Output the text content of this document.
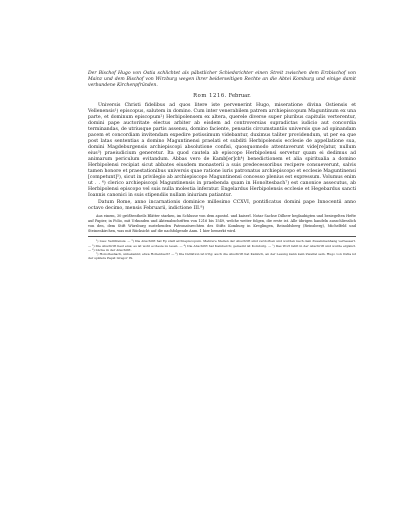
Der Bischof Hugo von Ostia schlichtet als päbstlicher Schiedsrichter einen Streit zwischen dem Erzbischof von Mainz und dem Bischof von Wirzburg wegen ihrer beiderseitigen Rechte an die Abtei Komburg und einige damit verbundene Kirchenpfründen.

Rom 1216. Februar.

Universis Christi fidelibus ad quos litere iste pervenerint Hugo, miseratione divina Ostiensis et Vellenensis¹) episcopus, salutem in domino. Cum inter venerabilem patrem archiepiscopum Maguntinum ex una parte, et dominum episcopum²) Herbipolensem ex altera, querele diverse super pluribus capitulis verterentur, domini pape auctoritate electus arbiter ab eisdem ad controversias supradictas iudicio aut concordia terminandas, de utriusque partis assensu, domino faciente, pensatis circumstantiis universis que ad opinandam pacem et concordiam invitendam expedire potissimum videbantur, duximus taliter providendum, ut per ea que post latas sententias a domino Maguntinensi praelati et subditi Herbipolensis ecclesie de appellatione sua, domini Magdeburgensis archiepiscopi absolutione confisi, quosquomodo attentaverunt vide[re]atur, nullum eius³) praeiudicium generetur. Ita quod cautela ab episcopo Herbipolensi servetur quam ei dedimus ad animarum periculum evitandum. Abbas vero de Kamb[er]ch⁴) benedictionem et alia spiritualia a domino Herbipolensi recipiat sicut abbates eiusdem monasterii a suis predecessoribus recipere consueverunt, salvis tamen honore et praestationibus universis quae ratione iuris patronatus archiepiscopo et ecclesie Maguntinensi [competunt]⁵), sicut in privilegio ab archiepiscopo Maguntinensi concesso plenius est expressum. Volumus enim ut . . ⁶) clerico archiepiscopi Maguntinensis in praebenda quam in Honoltesbach⁷) est canonice assecutus, ab Herbipolensi episcopo vel suis nulla molestia inferatur. Engelardus Herbipolensis ecclesie et Hegebardus sancti Ioannis canonici in suis stipendiis nullam iniuriam patiantur.

Datum Rome, anno incarnationis dominice millesimo CCXVI, pontificatus domini pape Innocentii anno octavo decimo, mensis Februarii, indictione III.⁸)

Aus einem, 30 größtentheils Blätter starken, im Schlusse von dem apostol. und kaiserl. Notar Sachse Dilherr beglaubigten und besiegelten Hefte auf Papier, in Folio, mit Urkunden und Aktenabschriften von 1216 bis 1549, welche weiter folgen, die erste ist. Alle übrigen handeln ausschliesslich von den, dem Stift Würzburg zustehenden Patronatsrechten des Stifts Komburg in Kreglingen, Reinoldsberg (Reinsberg), Michelfeld und Steinenkirchen, was mit Rücksicht auf die nachfolgende Anm. 1 hier bemerkt wird.

¹) Lies: Vellitrensis. — ²) Die Abschrift hat Ep statt archiepiscopum. Mehrere Stellen der Abschrift sind verdorben und wurden nach dem Zusammenhang verbessert. — ³) Die Abschrift liest eius; es ist wohl ecclesie zu lesen. — ⁴) Die Abschrift hat Kamberch; gemeint ist Komburg. — ⁵) Das Wort fehlt in der Abschrift und wurde ergänzt. — ⁶) Lücke in der Abschrift.

⁷) Honoltesbach, unbekannt; etwa Hollenbach? — ⁸) Die Indiktion ist irrig; auch die Abschrift hat Kambch, an der Lesung kann kein Zweifel sein. Hugo von Ostia ist der spätere Papst Gregor IX.
